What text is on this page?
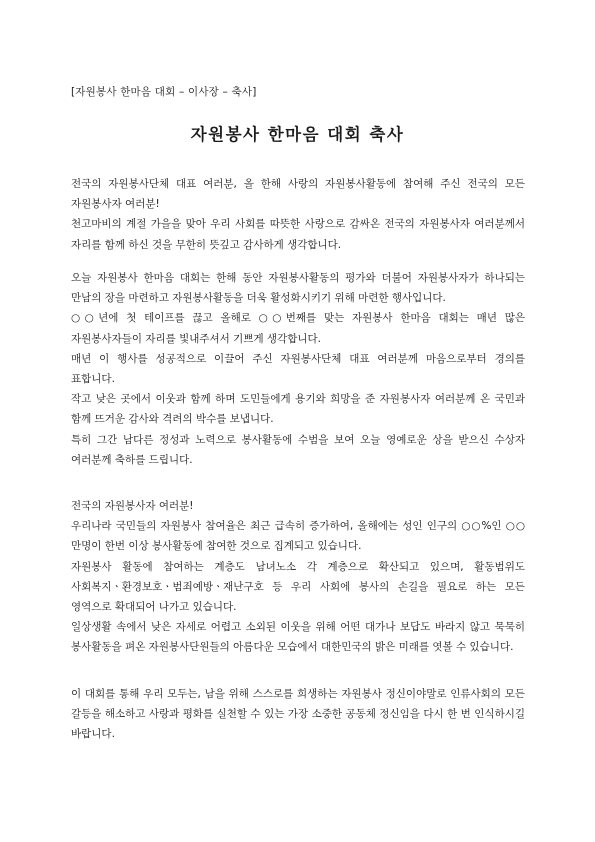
[자원봉사 한마음 대회 – 이사장 – 축사]
자원봉사 한마음 대회 축사

전국의 자원봉사단체 대표 여러분, 올 한해 사랑의 자원봉사활동에 참여해 주신 전국의 모든 자원봉사자 여러분!

천고마비의 계절 가을을 맞아 우리 사회를 따뜻한 사랑으로 감싸온 전국의 자원봉사자 여러분께서 자리를 함께 하신 것을 무한히 뜻깊고 감사하게 생각합니다.

오늘 자원봉사 한마음 대회는 한해 동안 자원봉사활동의 평가와 더불어 자원봉사자가 하나되는 만남의 장을 마련하고 자원봉사활동을 더욱 활성화시키기 위해 마련한 행사입니다.

○○년에 첫 테이프를 끊고 올해로 ○○번째를 맞는 자원봉사 한마음 대회는 매년 많은 자원봉사자들이 자리를 빛내주셔서 기쁘게 생각합니다.

매년 이 행사를 성공적으로 이끌어 주신 자원봉사단체 대표 여러분께 마음으로부터 경의를 표합니다.

작고 낮은 곳에서 이웃과 함께 하며 도민들에게 용기와 희망을 준 자원봉사자 여러분께 온 국민과 함께 뜨거운 감사와 격려의 박수를 보냅니다.

특히 그간 남다른 정성과 노력으로 봉사활동에 수범을 보여 오늘 영예로운 상을 받으신 수상자 여러분께 축하를 드립니다.

전국의 자원봉사자 여러분!

우리나라 국민들의 자원봉사 참여율은 최근 급속히 증가하여, 올해에는 성인 인구의 ○○%인 ○○만명이 한번 이상 봉사활동에 참여한 것으로 집계되고 있습니다.

자원봉사 활동에 참여하는 계층도 남녀노소 각 계층으로 확산되고 있으며, 활동범위도 사회복지ㆍ환경보호ㆍ범죄예방ㆍ재난구호 등 우리 사회에 봉사의 손길을 필요로 하는 모든 영역으로 확대되어 나가고 있습니다.

일상생활 속에서 낮은 자세로 어렵고 소외된 이웃을 위해 어떤 대가나 보답도 바라지 않고 묵묵히 봉사활동을 펴온 자원봉사단원들의 아름다운 모습에서 대한민국의 밝은 미래를 엿볼 수 있습니다.

이 대회를 통해 우리 모두는, 남을 위해 스스로를 희생하는 자원봉사 정신이야말로 인류사회의 모든 갈등을 해소하고 사랑과 평화를 실천할 수 있는 가장 소중한 공동체 정신임을 다시 한 번 인식하시길 바랍니다.
